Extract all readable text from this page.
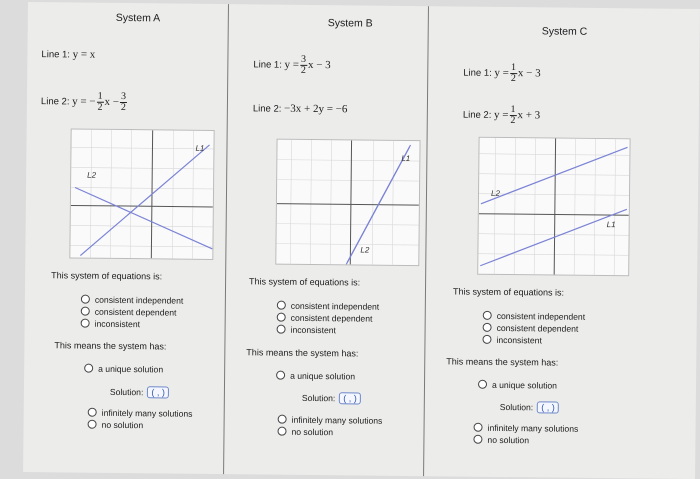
System A
Line 1: y = x
Line 2: y = − $\frac{1}{2}$ $x - \frac{3}{2}$
L1
L2
This system of equations is:
consistent independent
consistent dependent
inconsistent
This means the system has:
a unique solution
Solution: ( , )
infinitely many solutions
no solution
System B
Line 1: $y = \frac{3}{2}$ x − 3
Line 2: −3x + 2y = −6
L1
L2
This system of equations is:
consistent independent
consistent dependent
inconsistent
This means the system has:
a unique solution
Solution: ( , )
infinitely many solutions
no solution
System C
Line 1: $y = \frac{1}{2}$ x − 3
Line 2: $y = \frac{1}{2}$ x + 3
L2
L1
This system of equations is:
consistent independent
consistent dependent
inconsistent
This means the system has:
a unique solution
Solution: ( , )
infinitely many solutions
no solution
